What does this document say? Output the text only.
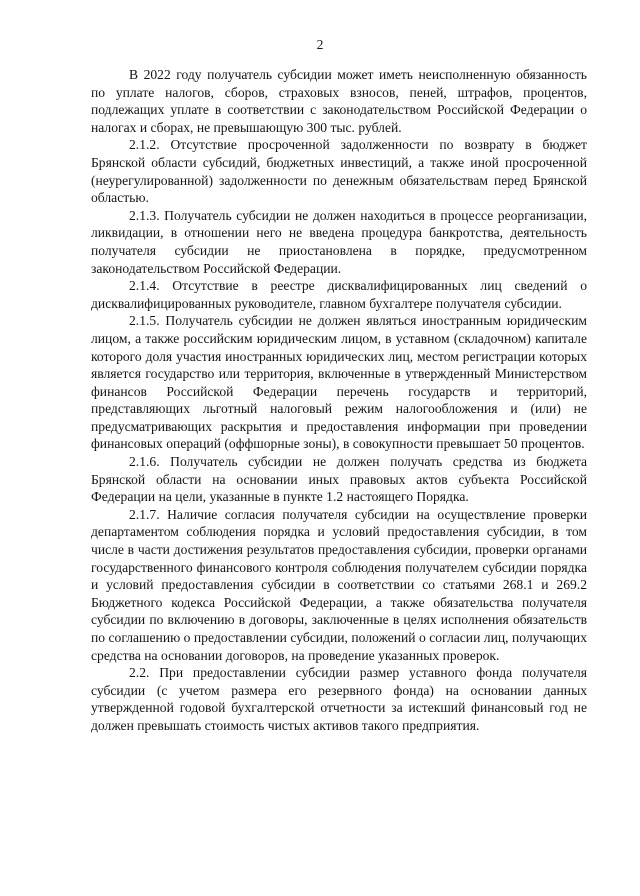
2

В 2022 году получатель субсидии может иметь неисполненную обязанность по уплате налогов, сборов, страховых взносов, пеней, штрафов, процентов, подлежащих уплате в соответствии с законодательством Российской Федерации о налогах и сборах, не превышающую 300 тыс. рублей.

2.1.2. Отсутствие просроченной задолженности по возврату в бюджет Брянской области субсидий, бюджетных инвестиций, а также иной просроченной (неурегулированной) задолженности по денежным обязательствам перед Брянской областью.

2.1.3. Получатель субсидии не должен находиться в процессе реорганизации, ликвидации, в отношении него не введена процедура банкротства, деятельность получателя субсидии не приостановлена в порядке, предусмотренном законодательством Российской Федерации.

2.1.4. Отсутствие в реестре дисквалифицированных лиц сведений о дисквалифицированных руководителе, главном бухгалтере получателя субсидии.

2.1.5. Получатель субсидии не должен являться иностранным юридическим лицом, а также российским юридическим лицом, в уставном (складочном) капитале которого доля участия иностранных юридических лиц, местом регистрации которых является государство или территория, включенные в утвержденный Министерством финансов Российской Федерации перечень государств и территорий, представляющих льготный налоговый режим налогообложения и (или) не предусматривающих раскрытия и предоставления информации при проведении финансовых операций (оффшорные зоны), в совокупности превышает 50 процентов.

2.1.6. Получатель субсидии не должен получать средства из бюджета Брянской области на основании иных правовых актов субъекта Российской Федерации на цели, указанные в пункте 1.2 настоящего Порядка.

2.1.7. Наличие согласия получателя субсидии на осуществление проверки департаментом соблюдения порядка и условий предоставления субсидии, в том числе в части достижения результатов предоставления субсидии, проверки органами государственного финансового контроля соблюдения получателем субсидии порядка и условий предоставления субсидии в соответствии со статьями 268.1 и 269.2 Бюджетного кодекса Российской Федерации, а также обязательства получателя субсидии по включению в договоры, заключенные в целях исполнения обязательств по соглашению о предоставлении субсидии, положений о согласии лиц, получающих средства на основании договоров, на проведение указанных проверок.

2.2. При предоставлении субсидии размер уставного фонда получателя субсидии (с учетом размера его резервного фонда) на основании данных утвержденной годовой бухгалтерской отчетности за истекший финансовый год не должен превышать стоимость чистых активов такого предприятия.
